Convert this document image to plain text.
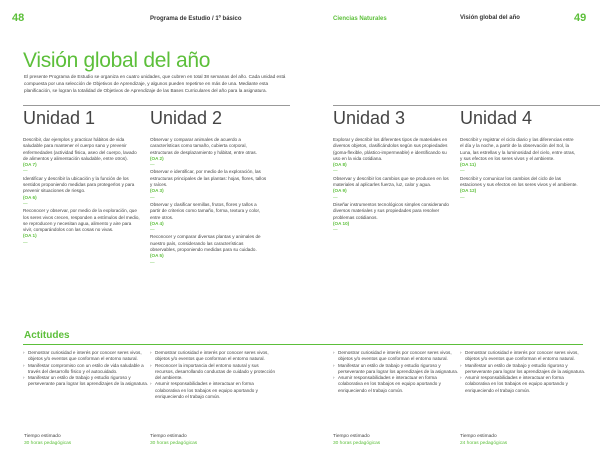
48	Programa de Estudio / 1º básico	Ciencias Naturales	Visión global del año	49
Visión global del año
El presente Programa de Estudio se organiza en cuatro unidades, que cubren en total 38 semanas del año. Cada unidad está compuesta por una selección de Objetivos de Aprendizaje, y algunos pueden repetirse en más de una. Mediante esta planificación, se logran la totalidad de Objetivos de Aprendizaje de las Bases Curriculares del año para la asignatura.
Unidad 1
Describir, dar ejemplos y practicar hábitos de vida saludable para mantener el cuerpo sano y prevenir enfermedades (actividad física, aseo del cuerpo, lavado de alimentos y alimentación saludable, entre otros).
(OA 7)
—
Identificar y describir la ubicación y la función de los sentidos proponiendo medidas para protegerlos y para prevenir situaciones de riesgo.
(OA 6)
—
Reconocer y observar, por medio de la exploración, que los seres vivos crecen, responden a estímulos del medio, se reproducen y necesitan agua, alimento y aire para vivir, comparándolos con las cosas no vivas.
(OA 1)
—
Unidad 2
Observar y comparar animales de acuerdo a características como tamaño, cubierta corporal, estructuras de desplazamiento y hábitat, entre otras.
(OA 2)
—
Observar e identificar, por medio de la exploración, las estructuras principales de las plantas: hojas, flores, tallos y raíces.
(OA 3)
—
Observar y clasificar semillas, frutos, flores y tallos a partir de criterios como tamaño, forma, textura y color, entre otros.
(OA 4)
—
Reconocer y comparar diversas plantas y animales de nuestro país, considerando las características observables, proponiendo medidas para su cuidado.
(OA 5)
—
Unidad 3
Explorar y describir los diferentes tipos de materiales en diversos objetos, clasificándolos según sus propiedades (goma-flexible, plástico-impermeable) e identificando su uso en la vida cotidiana.
(OA 8)
—
Observar y describir los cambios que se producen en los materiales al aplicarles fuerza, luz, calor y agua.
(OA 9)
—
Diseñar instrumentos tecnológicos simples considerando diversos materiales y sus propiedades para resolver problemas cotidianos.
(OA 10)
—
Unidad 4
Describir y registrar el ciclo diario y las diferencias entre el día y la noche, a partir de la observación del Sol, la Luna, las estrellas y la luminosidad del cielo, entre otras, y sus efectos en los seres vivos y el ambiente.
(OA 11)
—
Describir y comunicar los cambios del ciclo de las estaciones y sus efectos en los seres vivos y el ambiente.
(OA 12)
—
Actitudes
› Demostrar curiosidad e interés por conocer seres vivos, objetos y/o eventos que conforman el entorno natural.
› Manifestar compromiso con un estilo de vida saludable a través del desarrollo físico y el autocuidado.
› Manifestar un estilo de trabajo y estudio riguroso y perseverante para lograr los aprendizajes de la asignatura.
› Demostrar curiosidad e interés por conocer seres vivos, objetos y/o eventos que conforman el entorno natural.
› Reconocer la importancia del entorno natural y sus recursos, desarrollando conductas de cuidado y protección del ambiente.
› Asumir responsabilidades e interactuar en forma colaborativa en los trabajos en equipo aportando y enriqueciendo el trabajo común.
› Demostrar curiosidad e interés por conocer seres vivos, objetos y/o eventos que conforman el entorno natural.
› Manifestar un estilo de trabajo y estudio riguroso y perseverante para lograr los aprendizajes de la asignatura.
› Asumir responsabilidades e interactuar en forma colaborativa en los trabajos en equipo aportando y enriqueciendo el trabajo común.
› Demostrar curiosidad e interés por conocer seres vivos, objetos y/o eventos que conforman el entorno natural.
› Manifestar un estilo de trabajo y estudio riguroso y perseverante para lograr los aprendizajes de la asignatura.
› Asumir responsabilidades e interactuar en forma colaborativa en los trabajos en equipo aportando y enriqueciendo el trabajo común.
Tiempo estimado
30 horas pedagógicas
Tiempo estimado
30 horas pedagógicas
Tiempo estimado
30 horas pedagógicas
Tiempo estimado
24 horas pedagógicas
